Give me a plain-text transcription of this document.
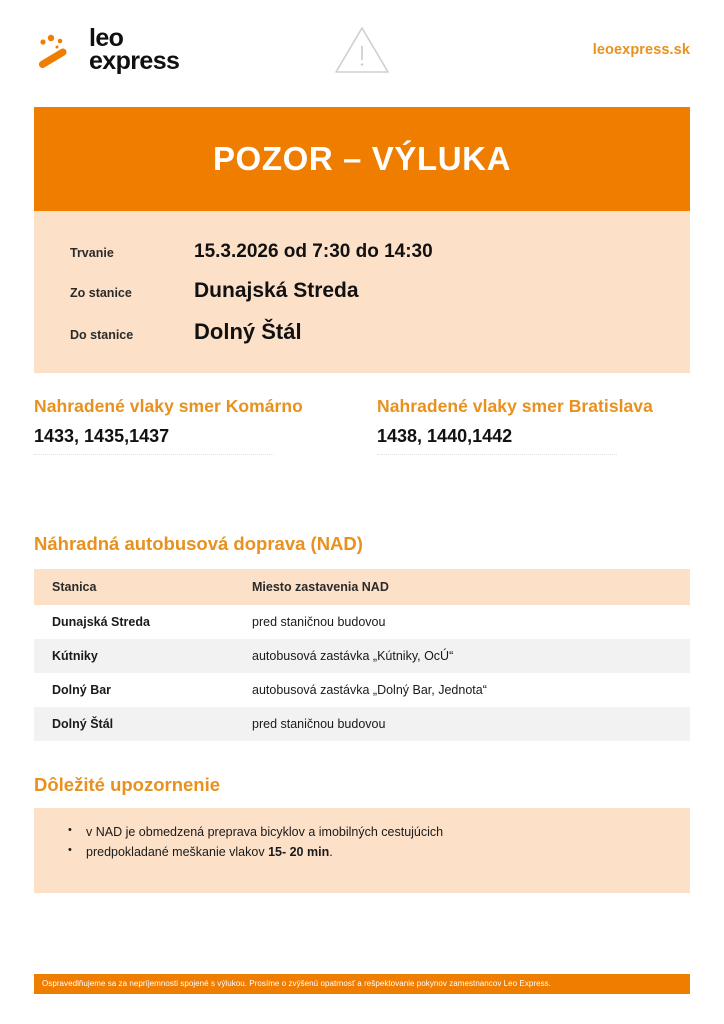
leo
express	leoexpress.sk
POZOR – VÝLUKA
Trvanie	15.3.2026 od 7:30 do 14:30
Zo stanice	Dunajská Streda
Do stanice	Dolný Štál
Nahradené vlaky smer Komárno
1433, 1435,1437
Nahradené vlaky smer Bratislava
1438, 1440,1442
Náhradná autobusová doprava (NAD)
Stanica	Miesto zastavenia NAD
Dunajská Streda	pred staničnou budovou
Kútniky	autobusová zastávka „Kútniky, OcÚ“
Dolný Bar	autobusová zastávka „Dolný Bar, Jednota“
Dolný Štál	pred staničnou budovou
Dôležité upozornenie
• v NAD je obmedzená preprava bicyklov a imobilných cestujúcich
• predpokladané meškanie vlakov 15- 20 min.
Ospravedlňujeme sa za nepríjemnosti spojené s výlukou. Prosíme o zvýšenú opatrnosť a rešpektovanie pokynov zamestnancov Leo Express.
